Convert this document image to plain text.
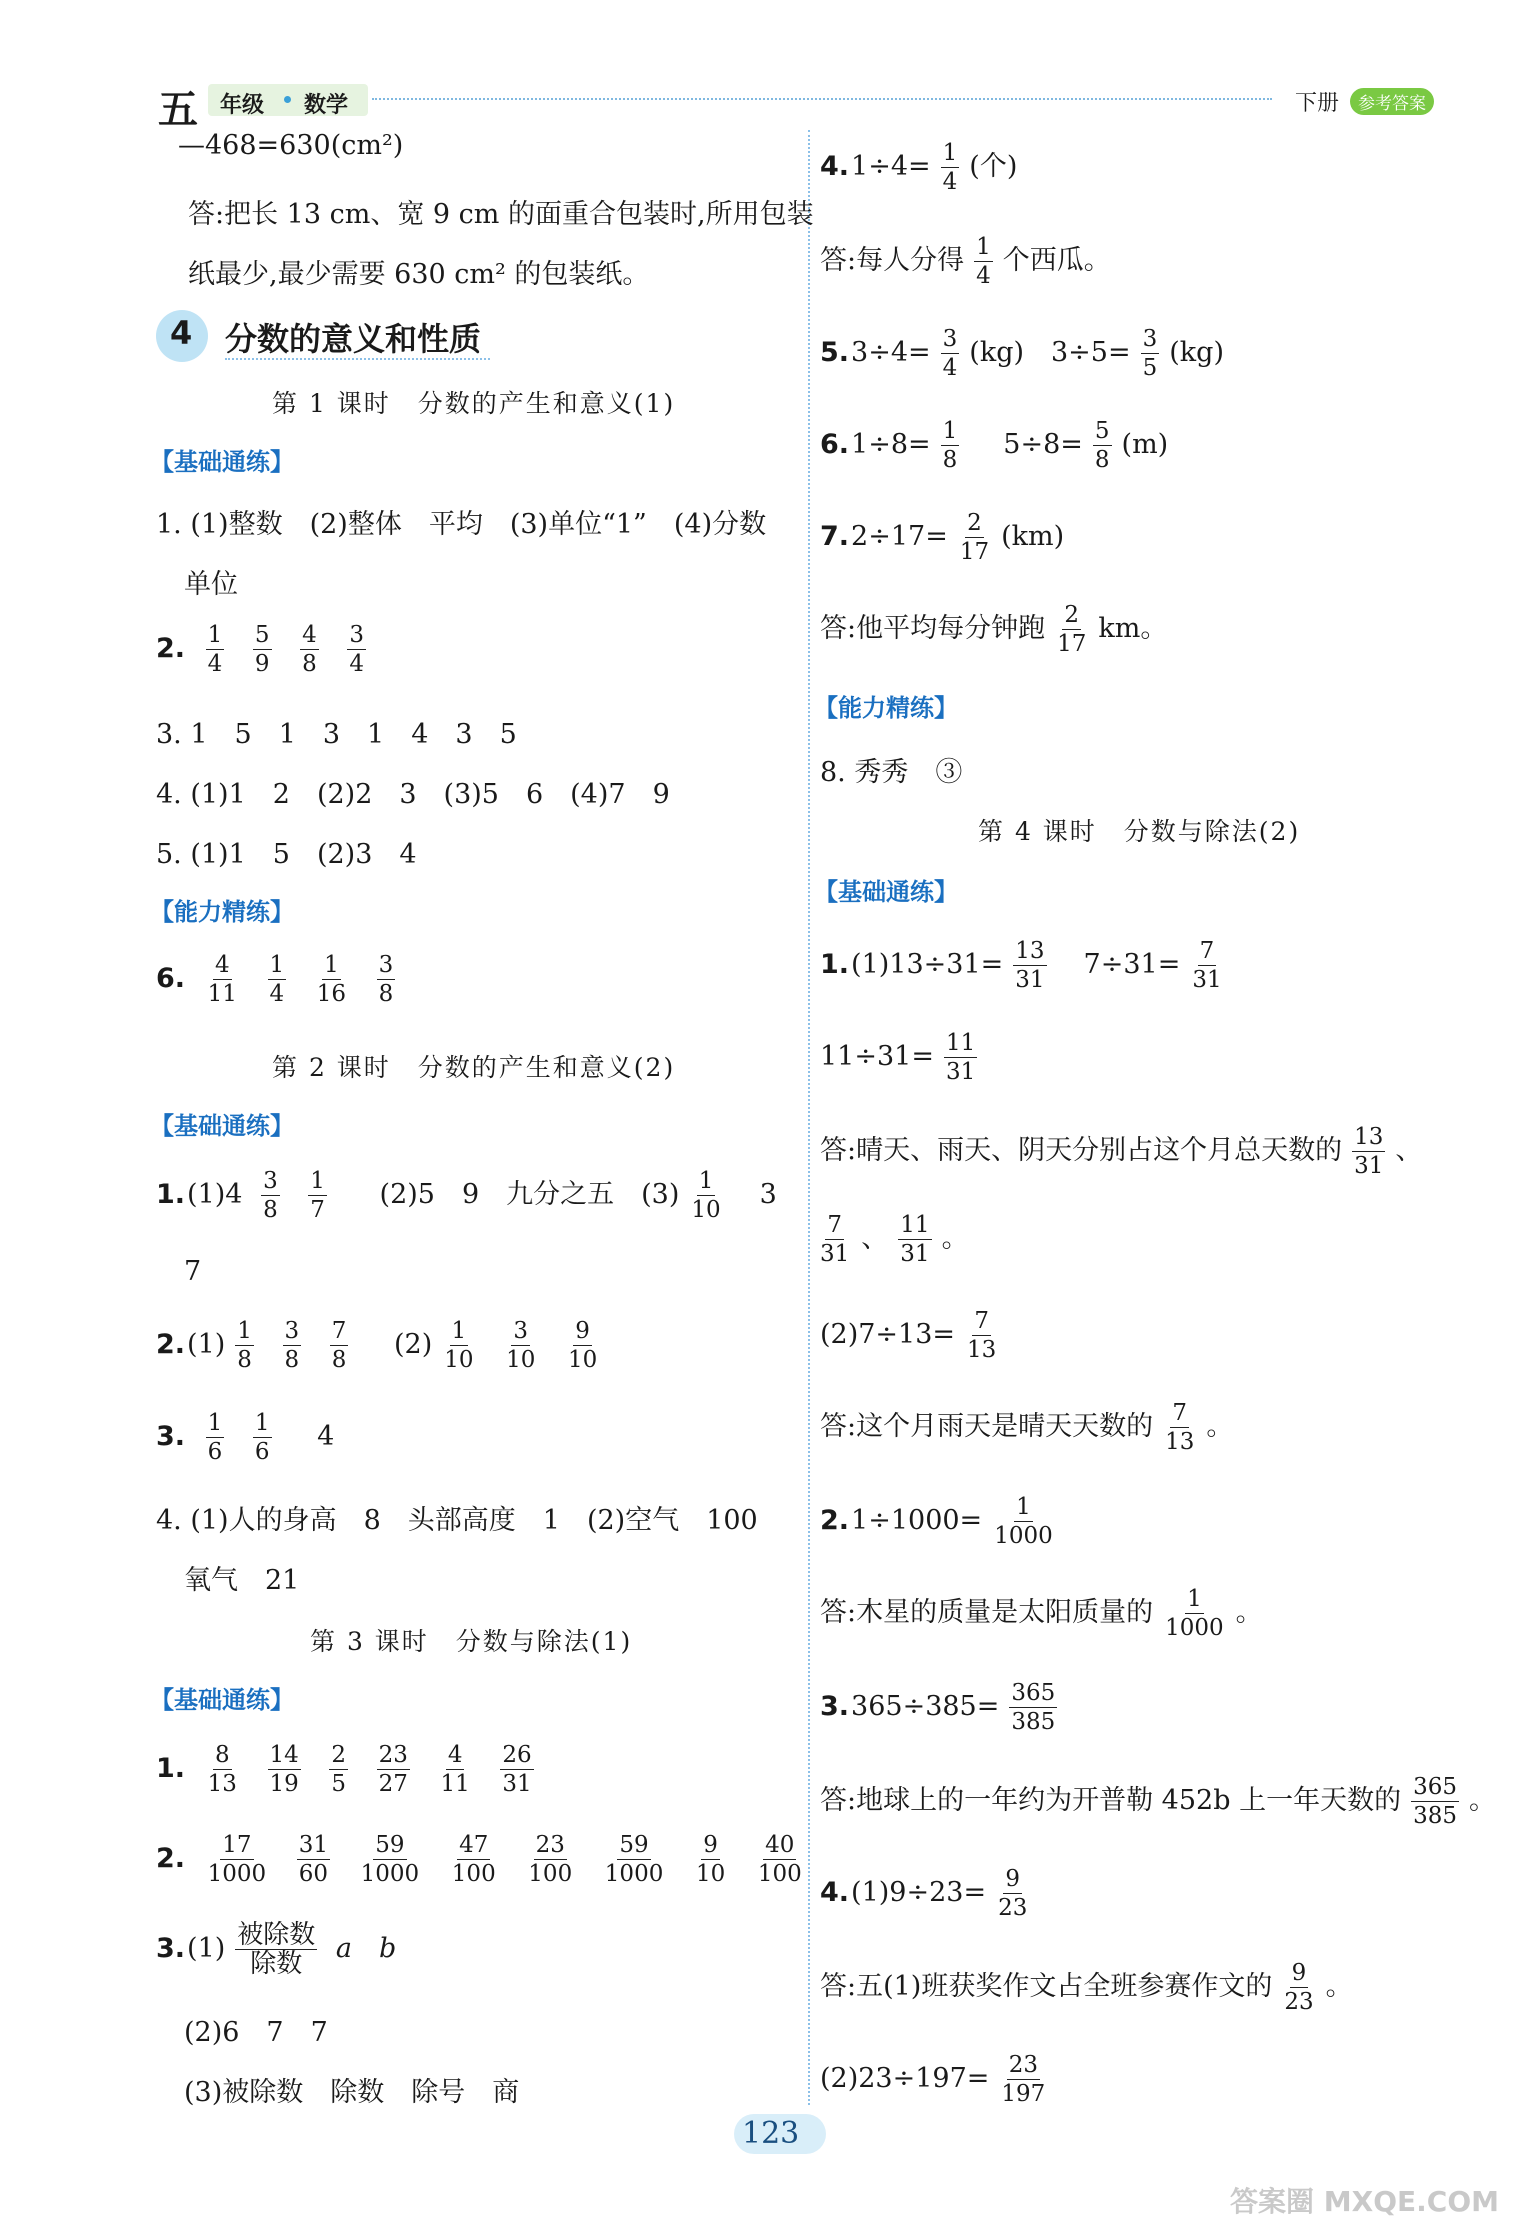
五 年级 数学	下册	参考答案
—468=630(cm²)
答:把长 13 cm、宽 9 cm 的面重合包装时,所用包装
纸最少,最少需要 630 cm² 的包装纸。
4 分数的意义和性质
第 1 课时　分数的产生和意义(1)
【基础通练】
1. (1)整数　(2)整体　平均　(3)单位“1”　(4)分数
单位
2. $\frac{1}{4}$
$\frac{5}{9}$
$\frac{4}{8}$
$\frac{3}{4}$
3. 1　5　1　3　1　4　3　5
4. (1)1　2　(2)2　3　(3)5　6　(4)7　9
5. (1)1　5　(2)3　4
【能力精练】
6. $\frac{4}{11}$
$\frac{1}{4}$
$\frac{1}{16}$
$\frac{3}{8}$
第 2 课时　分数的产生和意义(2)
【基础通练】
$1.(1)4 \frac{3}{8}$
$\frac{1}{7} (2)5$　9　九分之五　$(3) \frac{1}{10}$ 　3
7
$2.(1) \frac{1}{8}$
$\frac{3}{8}$
$\frac{7}{8}$ 　$(2) \frac{1}{10}$
$\frac{3}{10}$
$\frac{9}{10}$
3. $\frac{1}{6}$
$\frac{1}{6}$ 　4
4. (1)人的身高　8　头部高度　1　(2)空气　100
氧气　21
第 3 课时　分数与除法(1)
【基础通练】
1. $\frac{8}{13}$
$\frac{14}{19}$
$\frac{2}{5}$
$\frac{23}{27}$
$\frac{4}{11}$
$\frac{26}{31}$
2. $\frac{17}{1000}$
$\frac{31}{60}$
$\frac{59}{1000}$
$\frac{47}{100}$
$\frac{23}{100}$
$\frac{59}{1000}$
$\frac{9}{10}$
$\frac{40}{100}$
$3.(1) \frac{\text{被除数}}{\text{除数}}$ a　 b
(2)6　7　7
(3)被除数　除数　除号　商
$4.1\div 4= \frac{1}{4}$ (个)
答:每人分得 $\frac{1}{4}$ 个西瓜。
$5.3\div 4= \frac{3}{4} (kg)$　$3\div 5= \frac{3}{5} (kg)$
$6.1\div 8= \frac{1}{8} 5\div 8= \frac{5}{8} (m)$
$7.2\div 17= \frac{2}{17} (km)$
答:他平均每分钟跑 $\frac{2}{17}$ km。
【能力精练】
8. 秀秀　③
第 4 课时　分数与除法(2)
【基础通练】
$1.(1)13\div 31= \frac{13}{31}$ 　$7\div 31= \frac{7}{31}$
$11\div 31= \frac{11}{31}$
答:晴天、雨天、阴天分别占这个月总天数的 $\frac{13}{31}$ 、
$\frac{7}{31}$ 、 $\frac{11}{31}$ 。
$(2)7\div 13= \frac{7}{13}$
答:这个月雨天是晴天天数的 $\frac{7}{13}$ 。
$2.1\div 1000= \frac{1}{1000}$
答:木星的质量是太阳质量的 $\frac{1}{1000}$ 。
$3.365\div 385= \frac{365}{385}$
答:地球上的一年约为开普勒 452b 上一年天数的 $\frac{365}{385}$ 。
$4.(1)9\div 23= \frac{9}{23}$
答:五(1)班获奖作文占全班参赛作文的 $\frac{9}{23}$ 。
$(2)23\div 197= \frac{23}{197}$
123
答案圈 MXQE.COM
